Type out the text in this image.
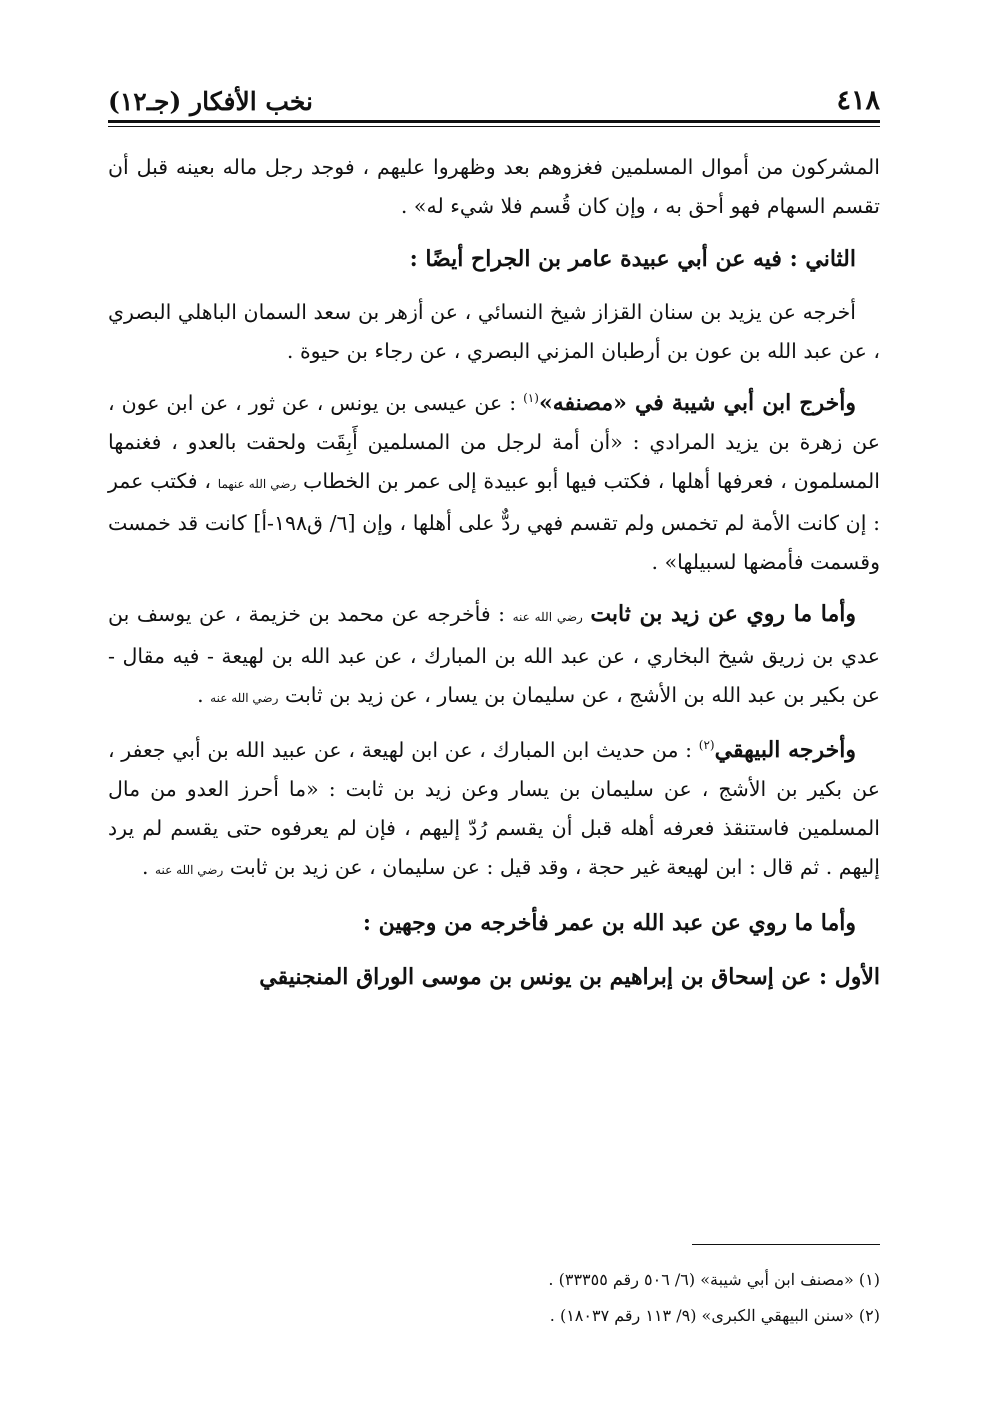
٤١٨
نخب الأفكار (جـ١٢)

المشركون من أموال المسلمين فغزوهم بعد وظهروا عليهم ، فوجد رجل ماله بعينه قبل أن تقسم السهام فهو أحق به ، وإن كان قُسم فلا شيء له» .

الثاني : فيه عن أبي عبيدة عامر بن الجراح أيضًا :

أخرجه عن يزيد بن سنان القزاز شيخ النسائي ، عن أزهر بن سعد السمان الباهلي البصري ، عن عبد الله بن عون بن أرطبان المزني البصري ، عن رجاء بن حيوة .

وأخرج ابن أبي شيبة في «مصنفه»$^{(١)}$ : عن عيسى بن يونس ، عن ثور ، عن ابن عون ، عن زهرة بن يزيد المرادي : «أن أمة لرجل من المسلمين أَبِقَت ولحقت بالعدو ، فغنمها المسلمون ، فعرفها أهلها ، فكتب فيها أبو عبيدة إلى عمر بن الخطاب رضي الله عنهما ، فكتب عمر : إن كانت الأمة لم تخمس ولم تقسم فهي ردٌّ على أهلها ، وإن [٦/ ق١٩٨-أ] كانت قد خمست وقسمت فأمضها لسبيلها» .

وأما ما روي عن زيد بن ثابت رضي الله عنه : فأخرجه عن محمد بن خزيمة ، عن يوسف بن عدي بن زريق شيخ البخاري ، عن عبد الله بن المبارك ، عن عبد الله بن لهيعة - فيه مقال - عن بكير بن عبد الله بن الأشج ، عن سليمان بن يسار ، عن زيد بن ثابت رضي الله عنه .

وأخرجه البيهقي$^{(٢)}$ : من حديث ابن المبارك ، عن ابن لهيعة ، عن عبيد الله بن أبي جعفر ، عن بكير بن الأشج ، عن سليمان بن يسار وعن زيد بن ثابت : «ما أحرز العدو من مال المسلمين فاستنقذ فعرفه أهله قبل أن يقسم رُدّ إليهم ، فإن لم يعرفوه حتى يقسم لم يرد إليهم . ثم قال : ابن لهيعة غير حجة ، وقد قيل : عن سليمان ، عن زيد بن ثابت رضي الله عنه .

وأما ما روي عن عبد الله بن عمر فأخرجه من وجهين :

الأول : عن إسحاق بن إبراهيم بن يونس بن موسى الوراق المنجنيقي

(١) «مصنف ابن أبي شيبة» (٦/ ٥٠٦ رقم ٣٣٣٥٥) .

(٢) «سنن البيهقي الكبرى» (٩/ ١١٣ رقم ١٨٠٣٧) .
